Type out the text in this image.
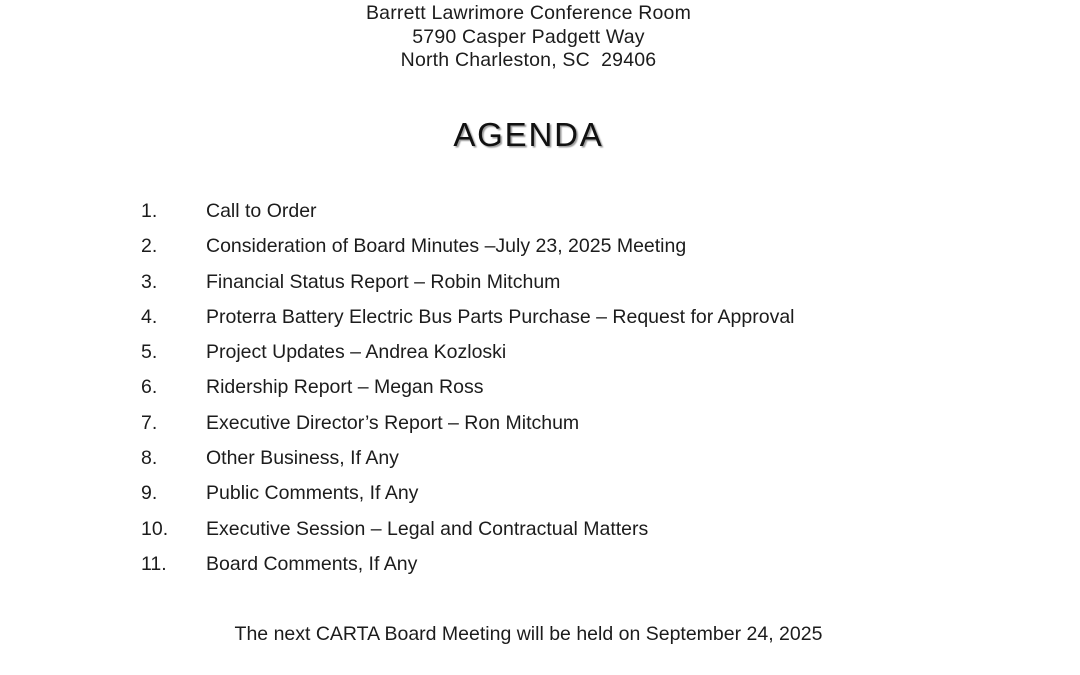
Barrett Lawrimore Conference Room
5790 Casper Padgett Way
North Charleston, SC  29406
AGENDA
1.	Call to Order
2.	Consideration of Board Minutes –July 23, 2025 Meeting
3.	Financial Status Report – Robin Mitchum
4.	Proterra Battery Electric Bus Parts Purchase – Request for Approval
5.	Project Updates – Andrea Kozloski
6.	Ridership Report – Megan Ross
7.	Executive Director’s Report – Ron Mitchum
8.	Other Business, If Any
9.	Public Comments, If Any
10.	Executive Session – Legal and Contractual Matters
11.	Board Comments, If Any
The next CARTA Board Meeting will be held on September 24, 2025
